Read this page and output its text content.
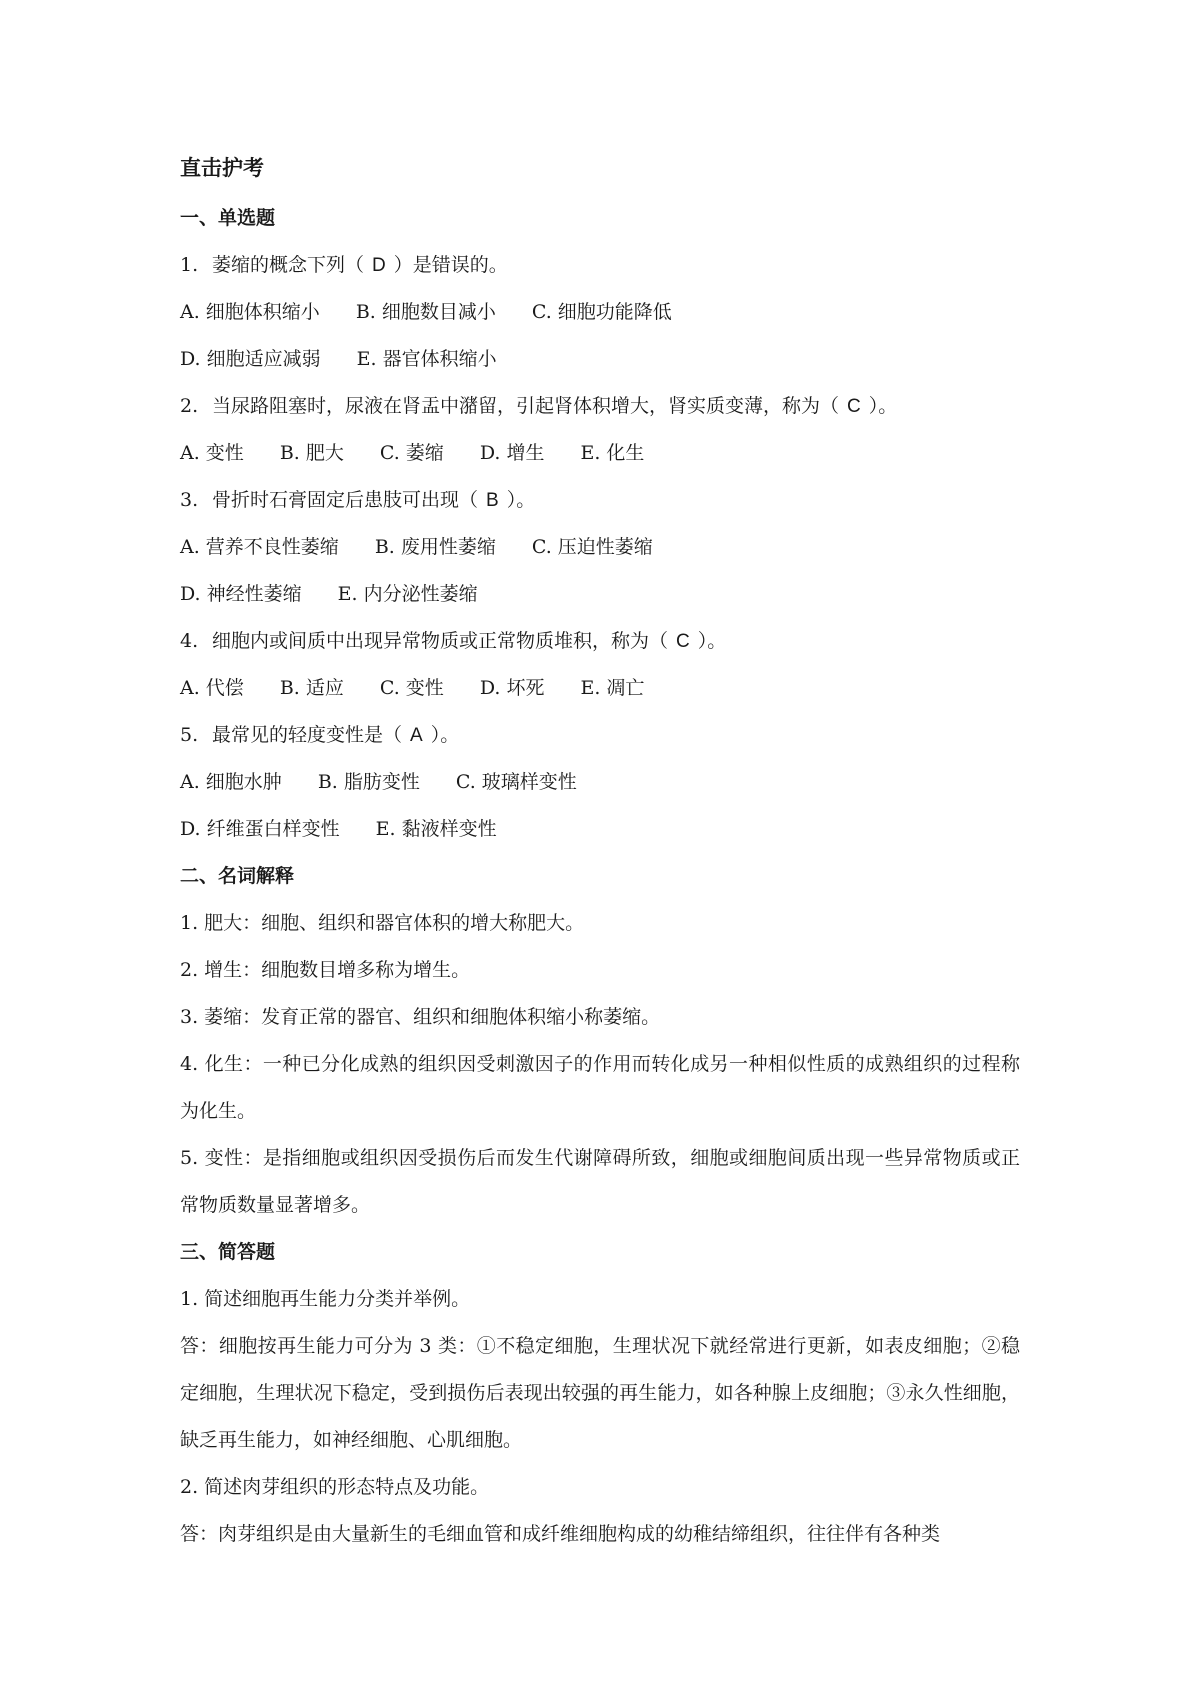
直击护考
一、单选题
1. 萎缩的概念下列（ D ）是错误的。
A. 细胞体积缩小 B. 细胞数目减小 C. 细胞功能降低
D. 细胞适应减弱 E. 器官体积缩小
2. 当尿路阻塞时，尿液在肾盂中潴留，引起肾体积增大，肾实质变薄，称为（ C ）。
A. 变性 B. 肥大 C. 萎缩 D. 增生 E. 化生
3. 骨折时石膏固定后患肢可出现（ B ）。
A. 营养不良性萎缩 B. 废用性萎缩 C. 压迫性萎缩
D. 神经性萎缩 E. 内分泌性萎缩
4. 细胞内或间质中出现异常物质或正常物质堆积，称为（ C ）。
A. 代偿 B. 适应 C. 变性 D. 坏死 E. 凋亡
5. 最常见的轻度变性是（ A ）。
A. 细胞水肿 B. 脂肪变性 C. 玻璃样变性
D. 纤维蛋白样变性 E. 黏液样变性
二、名词解释
1. 肥大：细胞、组织和器官体积的增大称肥大。
2. 增生：细胞数目增多称为增生。
3. 萎缩：发育正常的器官、组织和细胞体积缩小称萎缩。
4. 化生：一种已分化成熟的组织因受刺激因子的作用而转化成另一种相似性质的成熟组织的过程称为化生。
5. 变性：是指细胞或组织因受损伤后而发生代谢障碍所致，细胞或细胞间质出现一些异常物质或正常物质数量显著增多。
三、简答题
1. 简述细胞再生能力分类并举例。
答：细胞按再生能力可分为 3 类：①不稳定细胞，生理状况下就经常进行更新，如表皮细胞；②稳定细胞，生理状况下稳定，受到损伤后表现出较强的再生能力，如各种腺上皮细胞；③永久性细胞，缺乏再生能力，如神经细胞、心肌细胞。
2. 简述肉芽组织的形态特点及功能。
答：肉芽组织是由大量新生的毛细血管和成纤维细胞构成的幼稚结缔组织，往往伴有各种类
